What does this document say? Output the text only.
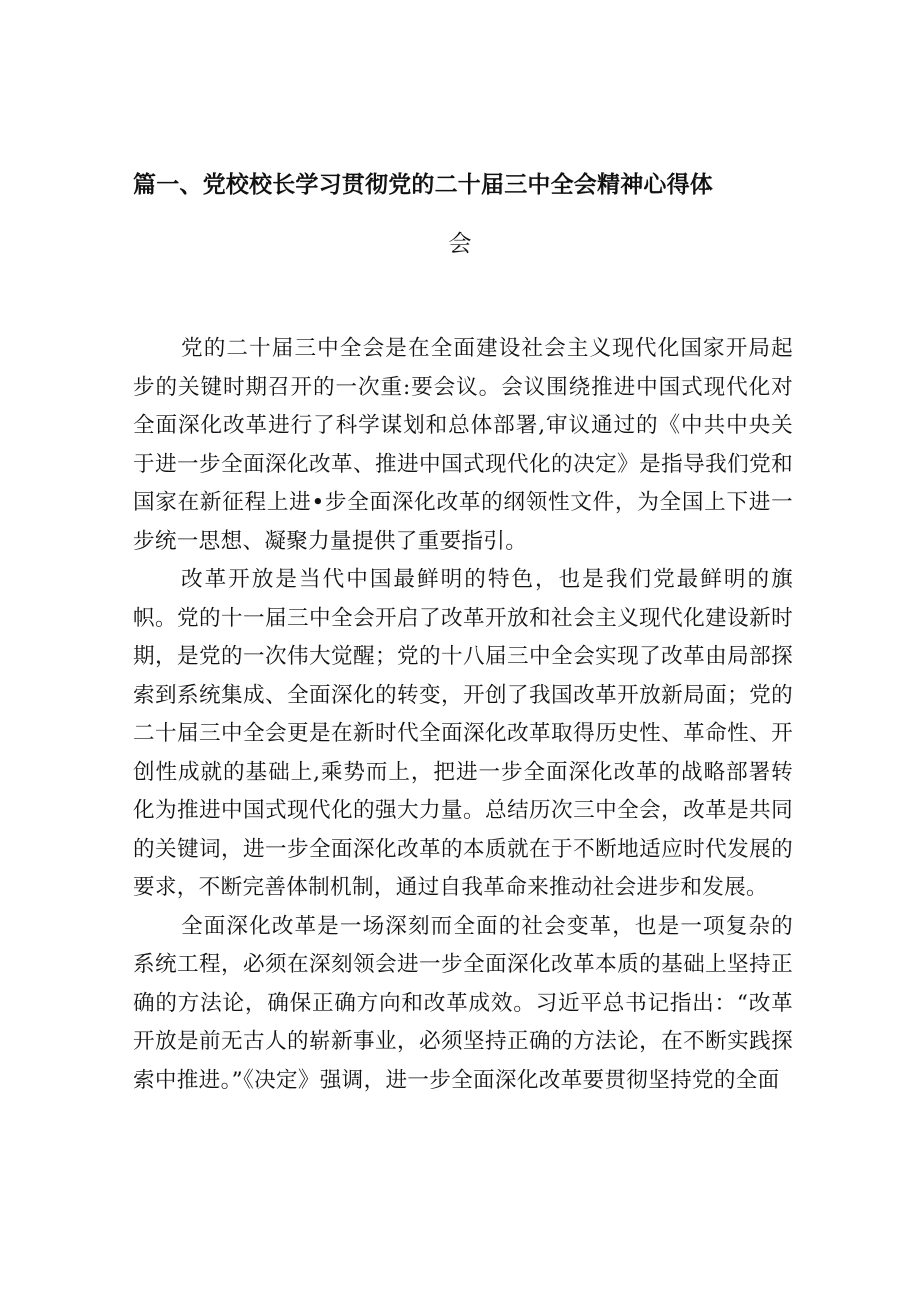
篇一、党校校长学习贯彻党的二十届三中全会精神心得体
会

党的二十届三中全会是在全面建设社会主义现代化国家开局起步的关键时期召开的一次重:要会议。会议围绕推进中国式现代化对全面深化改革进行了科学谋划和总体部署,审议通过的《中共中央关于进一步全面深化改革、推进中国式现代化的决定》是指导我们党和国家在新征程上进•步全面深化改革的纲领性文件，为全国上下进一步统一思想、凝聚力量提供了重要指引。

改革开放是当代中国最鲜明的特色，也是我们党最鲜明的旗帜。党的十一届三中全会开启了改革开放和社会主义现代化建设新时期，是党的一次伟大觉醒；党的十八届三中全会实现了改革由局部探索到系统集成、全面深化的转变，开创了我国改革开放新局面；党的二十届三中全会更是在新时代全面深化改革取得历史性、革命性、开创性成就的基础上,乘势而上，把进一步全面深化改革的战略部署转化为推进中国式现代化的强大力量。总结历次三中全会，改革是共同的关键词，进一步全面深化改革的本质就在于不断地适应时代发展的要求，不断完善体制机制，通过自我革命来推动社会进步和发展。

全面深化改革是一场深刻而全面的社会变革，也是一项复杂的系统工程，必须在深刻领会进一步全面深化改革本质的基础上坚持正确的方法论，确保正确方向和改革成效。习近平总书记指出：“改革开放是前无古人的崭新事业，必须坚持正确的方法论，在不断实践探索中推进。”《决定》强调，进一步全面深化改革要贯彻坚持党的全面
